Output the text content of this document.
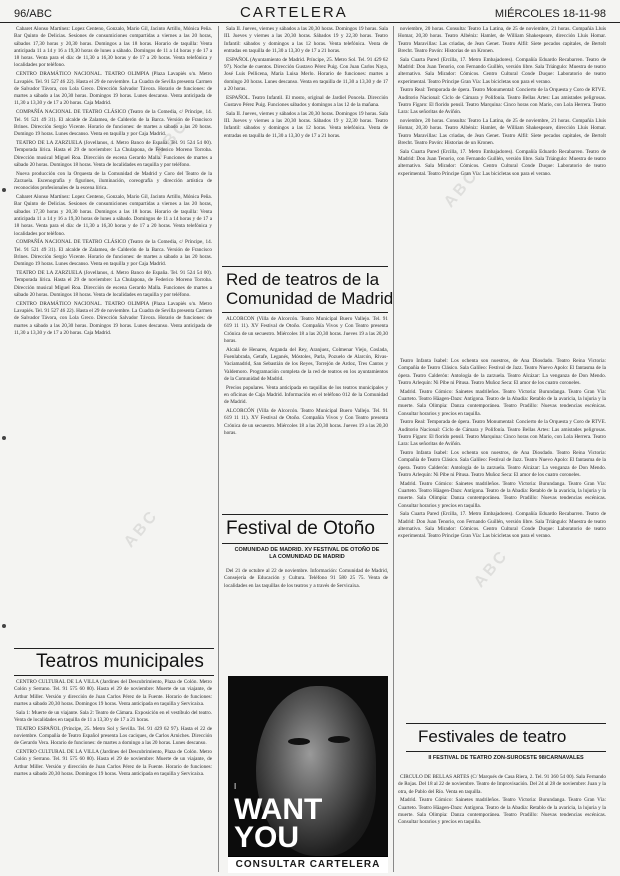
96/ABC	CARTELERA	MIÉRCOLES 18-11-98

Cabaret Alonso Martínez: Lopez Centeno, Gonzalo, Mario Gil, Jacinto Artillo, Mónica Peña. Bar Quinto de Delicias. Sesiones de consumiciones compartidas a viernes a las 20 horas, sábados 17,30 horas y 20,30 horas. Domingos a las 18 horas. Horario de taquilla: Venta anticipada 11 a 14 y 16 a 19,30 horas de lunes a sábado. Domingos de 11 a 14 horas y de 17 a 18 horas. Venta para el día: de 11,30 a 16,30 horas y de 17 a 20 horas. Venta telefónica y localidades por teléfono.

CENTRO DRAMÁTICO NACIONAL. TEATRO OLIMPIA (Plaza Lavapiés s/n. Metro Lavapiés. Tel. 91 527 46 22). Hasta el 29 de noviembre. La Cuadra de Sevilla presenta Carmen de Salvador Távora, con Lola Greco. Dirección Salvador Távora. Horario de funciones: de martes a sábado a las 20,30 horas. Domingos 19 horas. Lunes descanso. Venta anticipada de 11,30 a 13,30 y de 17 a 20 horas. Caja Madrid.

COMPAÑÍA NACIONAL DE TEATRO CLÁSICO (Teatro de la Comedia, c/ Príncipe, 14. Tel. 91 521 49 31). El alcalde de Zalamea, de Calderón de la Barca. Versión de Francisco Brines. Dirección Sergio Vicente. Horario de funciones: de martes a sábado a las 20 horas. Domingo 19 horas. Lunes descanso. Venta en taquilla y por Caja Madrid.

TEATRO DE LA ZARZUELA (Jovellanos, 4. Metro Banco de España. Tel. 91 524 54 00). Temporada lírica. Hasta el 29 de noviembre: La Chulapona, de Federico Moreno Torroba. Dirección musical Miguel Roa. Dirección de escena Gerardo Malla. Funciones de martes a sábado 20 horas. Domingos 18 horas. Venta de localidades en taquilla y por teléfono.

Nueva producción con la Orquesta de la Comunidad de Madrid y Coro del Teatro de la Zarzuela. Escenografía y figurines, iluminación, coreografía y dirección artística de reconocidos profesionales de la escena lírica.

Cabaret Alonso Martínez: Lopez Centeno, Gonzalo, Mario Gil, Jacinto Artillo, Mónica Peña. Bar Quinto de Delicias. Sesiones de consumiciones compartidas a viernes a las 20 horas, sábados 17,30 horas y 20,30 horas. Domingos a las 18 horas. Horario de taquilla: Venta anticipada 11 a 14 y 16 a 19,30 horas de lunes a sábado. Domingos de 11 a 14 horas y de 17 a 18 horas. Venta para el día: de 11,30 a 16,30 horas y de 17 a 20 horas. Venta telefónica y localidades por teléfono.

COMPAÑÍA NACIONAL DE TEATRO CLÁSICO (Teatro de la Comedia, c/ Príncipe, 14. Tel. 91 521 49 31). El alcalde de Zalamea, de Calderón de la Barca. Versión de Francisco Brines. Dirección Sergio Vicente. Horario de funciones: de martes a sábado a las 20 horas. Domingo 19 horas. Lunes descanso. Venta en taquilla y por Caja Madrid.

TEATRO DE LA ZARZUELA (Jovellanos, 4. Metro Banco de España. Tel. 91 524 54 00). Temporada lírica. Hasta el 29 de noviembre: La Chulapona, de Federico Moreno Torroba. Dirección musical Miguel Roa. Dirección de escena Gerardo Malla. Funciones de martes a sábado 20 horas. Domingos 18 horas. Venta de localidades en taquilla y por teléfono.

CENTRO DRAMÁTICO NACIONAL. TEATRO OLIMPIA (Plaza Lavapiés s/n. Metro Lavapiés. Tel. 91 527 46 22). Hasta el 29 de noviembre. La Cuadra de Sevilla presenta Carmen de Salvador Távora, con Lola Greco. Dirección Salvador Távora. Horario de funciones: de martes a sábado a las 20,30 horas. Domingos 19 horas. Lunes descanso. Venta anticipada de 11,30 a 13,30 y de 17 a 20 horas. Caja Madrid.

Teatros municipales

CENTRO CULTURAL DE LA VILLA (Jardines del Descubrimiento, Plaza de Colón. Metro Colón y Serrano. Tel. 91 575 60 80). Hasta el 29 de noviembre: Muerte de un viajante, de Arthur Miller. Versión y dirección de Juan Carlos Pérez de la Fuente. Horario de funciones: martes a sábado 20,30 horas. Domingos 19 horas. Venta anticipada en taquilla y Servicaixa.

Sala 1: Muerte de un viajante. Sala 2: Teatro de Cámara. Exposición en el vestíbulo del teatro. Venta de localidades en taquilla de 11 a 13,30 y de 17 a 21 horas.

TEATRO ESPAÑOL (Príncipe, 25. Metro Sol y Sevilla. Tel. 91 429 62 97). Hasta el 22 de noviembre. Compañía de Teatro Español presenta Los caciques, de Carlos Arniches. Dirección de Gerardo Vera. Horario de funciones: de martes a domingo a las 20 horas. Lunes descanso.

CENTRO CULTURAL DE LA VILLA (Jardines del Descubrimiento, Plaza de Colón. Metro Colón y Serrano. Tel. 91 575 60 80). Hasta el 29 de noviembre: Muerte de un viajante, de Arthur Miller. Versión y dirección de Juan Carlos Pérez de la Fuente. Horario de funciones: martes a sábado 20,30 horas. Domingos 19 horas. Venta anticipada en taquilla y Servicaixa.

Sala II. Jueves, viernes y sábados a las 20,30 horas. Domingos 19 horas. Sala III. Jueves y viernes a las 20,30 horas. Sábados 19 y 22,30 horas. Teatro Infantil: sábados y domingos a las 12 horas. Venta telefónica. Venta de entradas en taquilla de 11,30 a 13,30 y de 17 a 21 horas.

ESPAÑOL (Ayuntamiento de Madrid. Príncipe, 25. Metro Sol. Tel. 91 429 62 97). Noche de cuentos. Dirección Gustavo Pérez Puig. Con Juan Carlos Naya, José Luis Pellicena, María Luisa Merlo. Horario de funciones: martes a domingo 20 horas. Lunes descanso. Venta en taquilla de 11,30 a 13,30 y de 17 a 20 horas.

ESPAÑOL. Teatro Infantil. El mosto, original de Jardiel Poncela. Dirección Gustavo Pérez Puig. Funciones sábados y domingos a las 12 de la mañana.

Sala II. Jueves, viernes y sábados a las 20,30 horas. Domingos 19 horas. Sala III. Jueves y viernes a las 20,30 horas. Sábados 19 y 22,30 horas. Teatro Infantil: sábados y domingos a las 12 horas. Venta telefónica. Venta de entradas en taquilla de 11,30 a 13,30 y de 17 a 21 horas.

Red de teatros de la
Comunidad de Madrid

ALCORCÓN (Villa de Alcorcón. Teatro Municipal Buero Vallejo. Tel. 91 619 11 11). XV Festival de Otoño. Compañía Vivos y Con Teatro presenta Crónica de un secuestro. Miércoles 18 a las 20,30 horas. Jueves 19 a las 20,30 horas.

Alcalá de Henares, Arganda del Rey, Aranjuez, Colmenar Viejo, Coslada, Fuenlabrada, Getafe, Leganés, Móstoles, Parla, Pozuelo de Alarcón, Rivas-Vaciamadrid, San Sebastián de los Reyes, Torrejón de Ardoz, Tres Cantos y Valdemoro. Programación completa de la red de teatros en los ayuntamientos de la Comunidad de Madrid.

Precios populares. Venta anticipada en taquillas de los teatros municipales y en oficinas de Caja Madrid. Información en el teléfono 012 de la Comunidad de Madrid.

ALCORCÓN (Villa de Alcorcón. Teatro Municipal Buero Vallejo. Tel. 91 619 11 11). XV Festival de Otoño. Compañía Vivos y Con Teatro presenta Crónica de un secuestro. Miércoles 18 a las 20,30 horas. Jueves 19 a las 20,30 horas.

Festival de Otoño
COMUNIDAD DE MADRID. XV FESTIVAL DE OTOÑO DE LA COMUNIDAD DE MADRID

Del 21 de octubre al 22 de noviembre. Información: Comunidad de Madrid, Consejería de Educación y Cultura. Teléfono 91 580 25 75. Venta de localidades en las taquillas de los teatros y a través de Servicaixa.

I
WANT
YOU
CONSULTAR CARTELERA

noviembre, 20 horas. Consulta: Teatro La Latina, de 25 de noviembre, 21 horas. Compañía Lluís Homar, 20,30 horas. Teatro Albéniz: Hamlet, de William Shakespeare, dirección Lluís Homar. Teatro Maravillas: Las criadas, de Jean Genet. Teatro Alfil: Siete pecados capitales, de Bertolt Brecht. Teatro Pavón: Historias de un Kronen.

Sala Cuarta Pared (Ercilla, 17. Metro Embajadores). Compañía Eduardo Recabarren. Teatro de Madrid: Don Juan Tenorio, con Fernando Guillén, versión libre. Sala Triángulo: Muestra de teatro alternativo. Sala Mirador: Cómicos. Centro Cultural Conde Duque: Laboratorio de teatro experimental. Teatro Príncipe Gran Vía: Las bicicletas son para el verano.

Teatro Real: Temporada de ópera. Teatro Monumental: Concierto de la Orquesta y Coro de RTVE. Auditorio Nacional: Ciclo de Cámara y Polifonía. Teatro Bellas Artes: Las amistades peligrosas. Teatro Fígaro: El florido pensil. Teatro Marquina: Cinco horas con Mario, con Lola Herrera. Teatro Lara: Las señoritas de Aviñón.

noviembre, 20 horas. Consulta: Teatro La Latina, de 25 de noviembre, 21 horas. Compañía Lluís Homar, 20,30 horas. Teatro Albéniz: Hamlet, de William Shakespeare, dirección Lluís Homar. Teatro Maravillas: Las criadas, de Jean Genet. Teatro Alfil: Siete pecados capitales, de Bertolt Brecht. Teatro Pavón: Historias de un Kronen.

Sala Cuarta Pared (Ercilla, 17. Metro Embajadores). Compañía Eduardo Recabarren. Teatro de Madrid: Don Juan Tenorio, con Fernando Guillén, versión libre. Sala Triángulo: Muestra de teatro alternativo. Sala Mirador: Cómicos. Centro Cultural Conde Duque: Laboratorio de teatro experimental. Teatro Príncipe Gran Vía: Las bicicletas son para el verano.

Teatro Infanta Isabel: Los ochenta son nuestros, de Ana Diosdado. Teatro Reina Victoria: Compañía de Teatro Clásico. Sala Galileo: Festival de Jazz. Teatro Nuevo Apolo: El fantasma de la ópera. Teatro Calderón: Antología de la zarzuela. Teatro Alcázar: La venganza de Don Mendo. Teatro Arlequín: Ni Pibe ni Pitusa. Teatro Muñoz Seca: El amor de los cuatro coroneles.

Madrid. Teatro Cómico: Sainetes madrileños. Teatro Victoria: Burundanga. Teatro Gran Vía: Cuarteto. Teatro Häagen-Dazs: Antígona. Teatro de la Abadía: Retablo de la avaricia, la lujuria y la muerte. Sala Olimpia: Danza contemporánea. Teatro Pradillo: Nuevas tendencias escénicas. Consultar horarios y precios en taquilla.

Teatro Real: Temporada de ópera. Teatro Monumental: Concierto de la Orquesta y Coro de RTVE. Auditorio Nacional: Ciclo de Cámara y Polifonía. Teatro Bellas Artes: Las amistades peligrosas. Teatro Fígaro: El florido pensil. Teatro Marquina: Cinco horas con Mario, con Lola Herrera. Teatro Lara: Las señoritas de Aviñón.

Teatro Infanta Isabel: Los ochenta son nuestros, de Ana Diosdado. Teatro Reina Victoria: Compañía de Teatro Clásico. Sala Galileo: Festival de Jazz. Teatro Nuevo Apolo: El fantasma de la ópera. Teatro Calderón: Antología de la zarzuela. Teatro Alcázar: La venganza de Don Mendo. Teatro Arlequín: Ni Pibe ni Pitusa. Teatro Muñoz Seca: El amor de los cuatro coroneles.

Madrid. Teatro Cómico: Sainetes madrileños. Teatro Victoria: Burundanga. Teatro Gran Vía: Cuarteto. Teatro Häagen-Dazs: Antígona. Teatro de la Abadía: Retablo de la avaricia, la lujuria y la muerte. Sala Olimpia: Danza contemporánea. Teatro Pradillo: Nuevas tendencias escénicas. Consultar horarios y precios en taquilla.

Sala Cuarta Pared (Ercilla, 17. Metro Embajadores). Compañía Eduardo Recabarren. Teatro de Madrid: Don Juan Tenorio, con Fernando Guillén, versión libre. Sala Triángulo: Muestra de teatro alternativo. Sala Mirador: Cómicos. Centro Cultural Conde Duque: Laboratorio de teatro experimental. Teatro Príncipe Gran Vía: Las bicicletas son para el verano.

Festivales de teatro
II FESTIVAL DE TEATRO ZON-SUROESTE 98/CARNAVALES

CÍRCULO DE BELLAS ARTES (C/ Marqués de Casa Riera, 2. Tel. 91 360 54 00). Sala Fernando de Rojas. Del 18 al 22 de noviembre. Teatro de Improvisación. Del 24 al 28 de noviembre: Juan y la otra, de Pablo del Río. Venta en taquilla.

Madrid. Teatro Cómico: Sainetes madrileños. Teatro Victoria: Burundanga. Teatro Gran Vía: Cuarteto. Teatro Häagen-Dazs: Antígona. Teatro de la Abadía: Retablo de la avaricia, la lujuria y la muerte. Sala Olimpia: Danza contemporánea. Teatro Pradillo: Nuevas tendencias escénicas. Consultar horarios y precios en taquilla.

ABC
ABC
ABC
ABC
